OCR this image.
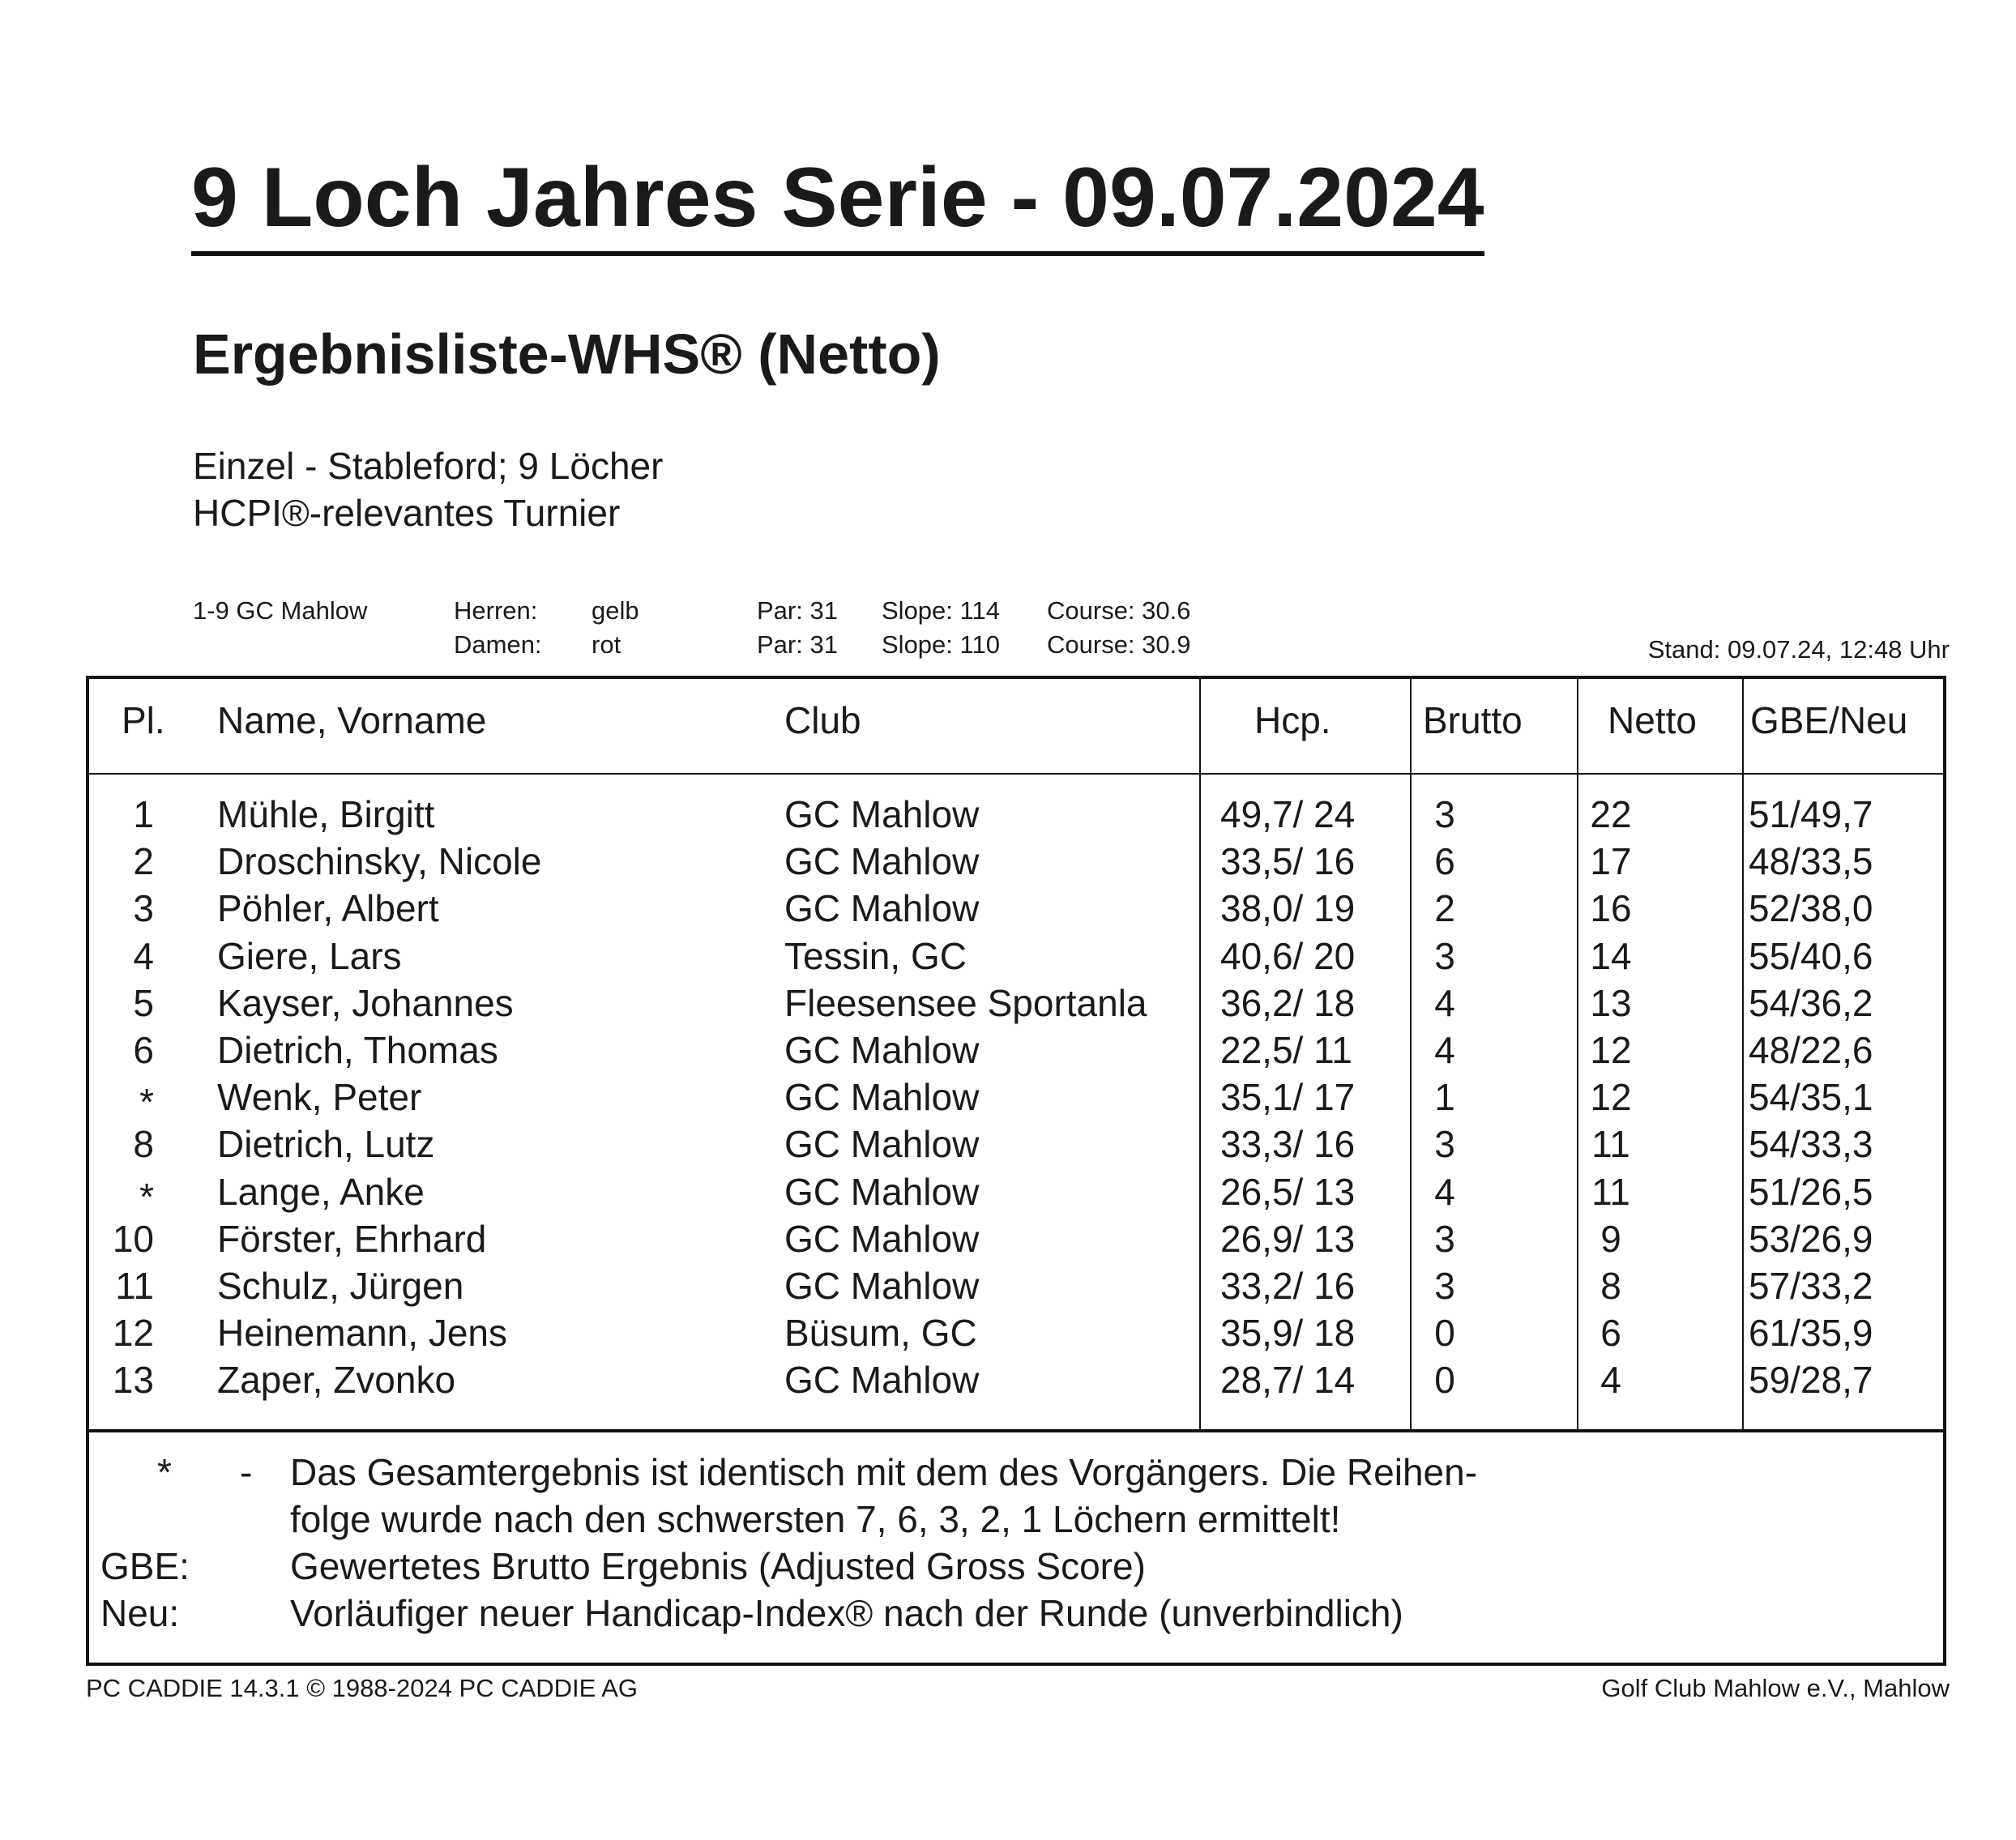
9 Loch Jahres Serie - 09.07.2024
Ergebnisliste-WHS® (Netto)
Einzel - Stableford; 9 Löcher
HCPI®-relevantes Turnier
1-9 GC Mahlow	Herren: gelb	Par: 31 Slope: 114 Course: 30.6
Damen: rot	Par: 31 Slope: 110 Course: 30.9	Stand: 09.07.24, 12:48 Uhr
Pl. Name, Vorname	Club	Hcp. Brutto Netto GBE/Neu
1 Mühle, Birgitt	GC Mahlow	49,7/ 24	3	22	51/49,7
2 Droschinsky, Nicole	GC Mahlow	33,5/ 16	6	17	48/33,5
3 Pöhler, Albert	GC Mahlow	38,0/ 19	2	16	52/38,0
4 Giere, Lars	Tessin, GC	40,6/ 20	3	14	55/40,6
5 Kayser, Johannes	Fleesensee Sportanla 36,2/ 18	4	13	54/36,2
6 Dietrich, Thomas	GC Mahlow	22,5/ 11	4	12	48/22,6
* Wenk, Peter	GC Mahlow	35,1/ 17	1	12	54/35,1
8 Dietrich, Lutz	GC Mahlow	33,3/ 16	3	11	54/33,3
* Lange, Anke	GC Mahlow	26,5/ 13	4	11	51/26,5
10 Förster, Ehrhard	GC Mahlow	26,9/ 13	3	9	53/26,9
11 Schulz, Jürgen	GC Mahlow	33,2/ 16	3	8	57/33,2
12 Heinemann, Jens	Büsum, GC	35,9/ 18	0	6	61/35,9
13 Zaper, Zvonko	GC Mahlow	28,7/ 14	0	4	59/28,7
* - Das Gesamtergebnis ist identisch mit dem des Vorgängers. Die Reihen-
folge wurde nach den schwersten 7, 6, 3, 2, 1 Löchern ermittelt!
GBE:	Gewertetes Brutto Ergebnis (Adjusted Gross Score)
Neu:	Vorläufiger neuer Handicap-Index® nach der Runde (unverbindlich)
PC CADDIE 14.3.1 © 1988-2024 PC CADDIE AG	Golf Club Mahlow e.V., Mahlow
